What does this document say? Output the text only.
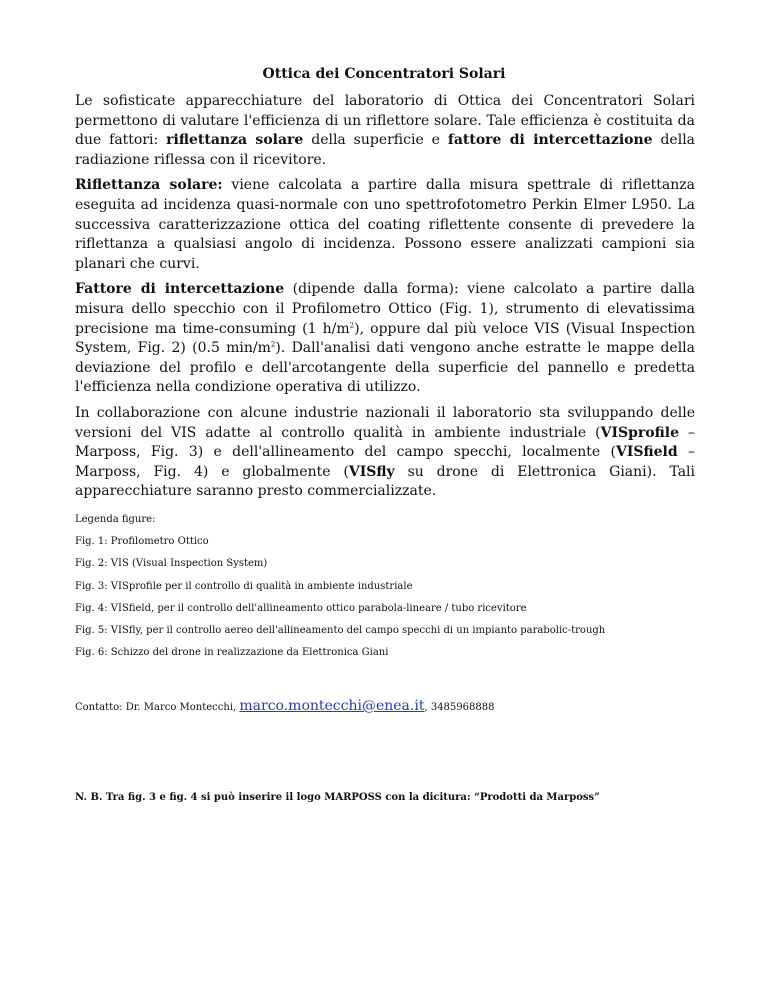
Ottica dei Concentratori Solari

Le sofisticate apparecchiature del laboratorio di Ottica dei Concentratori Solari permettono di valutare l'efficienza di un riflettore solare. Tale efficienza è costituita da due fattori: riflettanza solare della superficie e fattore di intercettazione della radiazione riflessa con il ricevitore.

Riflettanza solare: viene calcolata a partire dalla misura spettrale di riflettanza eseguita ad incidenza quasi-normale con uno spettrofotometro Perkin Elmer L950. La successiva caratterizzazione ottica del coating riflettente consente di prevedere la riflettanza a qualsiasi angolo di incidenza. Possono essere analizzati campioni sia planari che curvi.

Fattore di intercettazione (dipende dalla forma): viene calcolato a partire dalla misura dello specchio con il Profilometro Ottico (Fig. 1), strumento di elevatissima precisione ma time-consuming (1 $h/m^2$), oppure dal più veloce VIS (Visual Inspection System, Fig. 2) (0.5 $\min/m^2$). Dall'analisi dati vengono anche estratte le mappe della deviazione del profilo e dell'arcotangente della superficie del pannello e predetta l'efficienza nella condizione operativa di utilizzo.

In collaborazione con alcune industrie nazionali il laboratorio sta sviluppando delle versioni del VIS adatte al controllo qualità in ambiente industriale (VISprofile – Marposs, Fig. 3) e dell'allineamento del campo specchi, localmente (VISfield – Marposs, Fig. 4) e globalmente (VISfly su drone di Elettronica Giani). Tali apparecchiature saranno presto commercializzate.

Legenda figure:
Fig. 1: Profilometro Ottico
Fig. 2: VIS (Visual Inspection System)
Fig. 3: VISprofile per il controllo di qualità in ambiente industriale
Fig. 4: VISfield, per il controllo dell'allineamento ottico parabola-lineare / tubo ricevitore
Fig. 5: VISfly, per il controllo aereo dell'allineamento del campo specchi di un impianto parabolic-trough
Fig. 6: Schizzo del drone in realizzazione da Elettronica Giani
Contatto: Dr. Marco Montecchi, marco.montecchi@enea.it, 3485968888
N. B. Tra fig. 3 e fig. 4 si può inserire il logo MARPOSS con la dicitura: “Prodotti da Marposs”
